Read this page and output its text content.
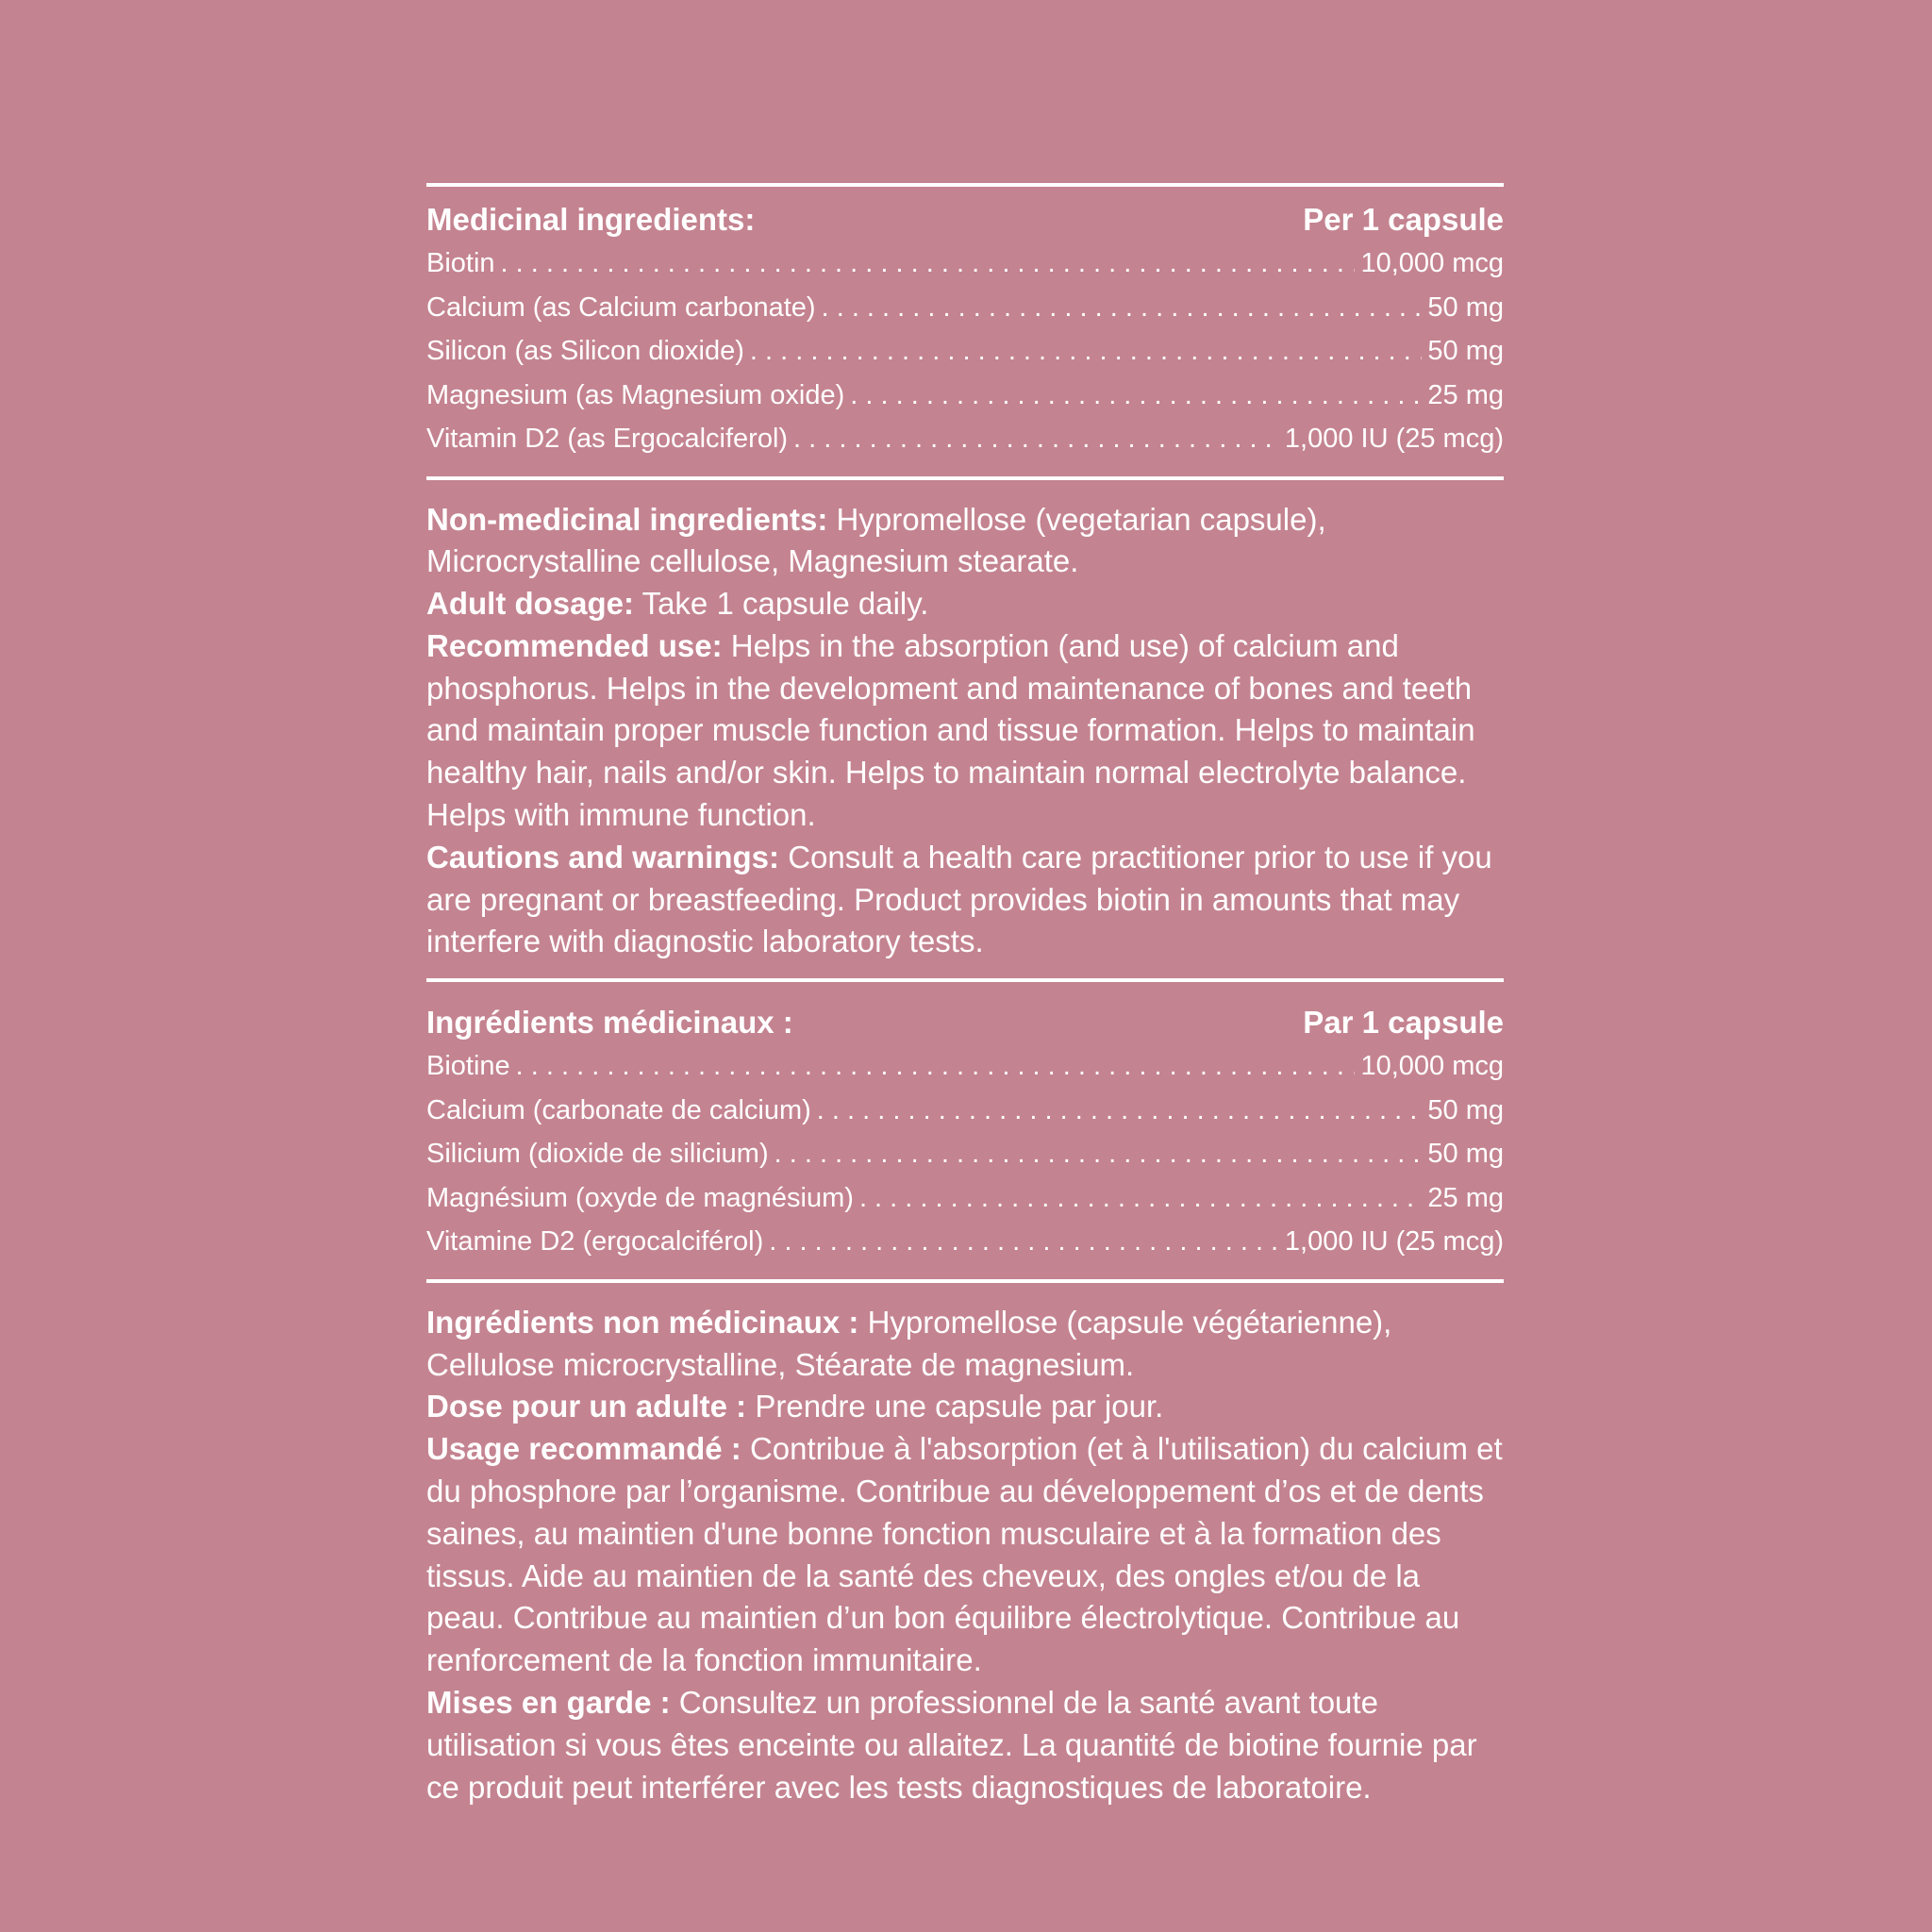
Medicinal ingredients:	Per 1 capsule
Biotin . . .	10,000 mcg
Calcium (as Calcium carbonate) . . .	50 mg
Silicon (as Silicon dioxide) . . .	50 mg
Magnesium (as Magnesium oxide) . . .	25 mg
Vitamin D2 (as Ergocalciferol) . . .	1,000 IU (25 mcg)

Non-medicinal ingredients: Hypromellose (vegetarian capsule), Microcrystalline cellulose, Magnesium stearate.

Adult dosage: Take 1 capsule daily.

Recommended use: Helps in the absorption (and use) of calcium and phosphorus. Helps in the development and maintenance of bones and teeth and maintain proper muscle function and tissue formation. Helps to maintain healthy hair, nails and/or skin. Helps to maintain normal electrolyte balance. Helps with immune function.

Cautions and warnings: Consult a health care practitioner prior to use if you are pregnant or breastfeeding. Product provides biotin in amounts that may interfere with diagnostic laboratory tests.

Ingrédients médicinaux :	Par 1 capsule
Biotine . . .	10,000 mcg
Calcium (carbonate de calcium) . . .	50 mg
Silicium (dioxide de silicium) . . .	50 mg
Magnésium (oxyde de magnésium) . . .	25 mg
Vitamine D2 (ergocalciférol) . . .	1,000 IU (25 mcg)

Ingrédients non médicinaux : Hypromellose (capsule végétarienne), Cellulose microcrystalline, Stéarate de magnesium.

Dose pour un adulte : Prendre une capsule par jour.

Usage recommandé : Contribue à l'absorption (et à l'utilisation) du calcium et du phosphore par l’organisme. Contribue au développement d’os et de dents saines, au maintien d'une bonne fonction musculaire et à la formation des tissus. Aide au maintien de la santé des cheveux, des ongles et/ou de la peau. Contribue au maintien d’un bon équilibre électrolytique. Contribue au renforcement de la fonction immunitaire.

Mises en garde : Consultez un professionnel de la santé avant toute utilisation si vous êtes enceinte ou allaitez. La quantité de biotine fournie par ce produit peut interférer avec les tests diagnostiques de laboratoire.
